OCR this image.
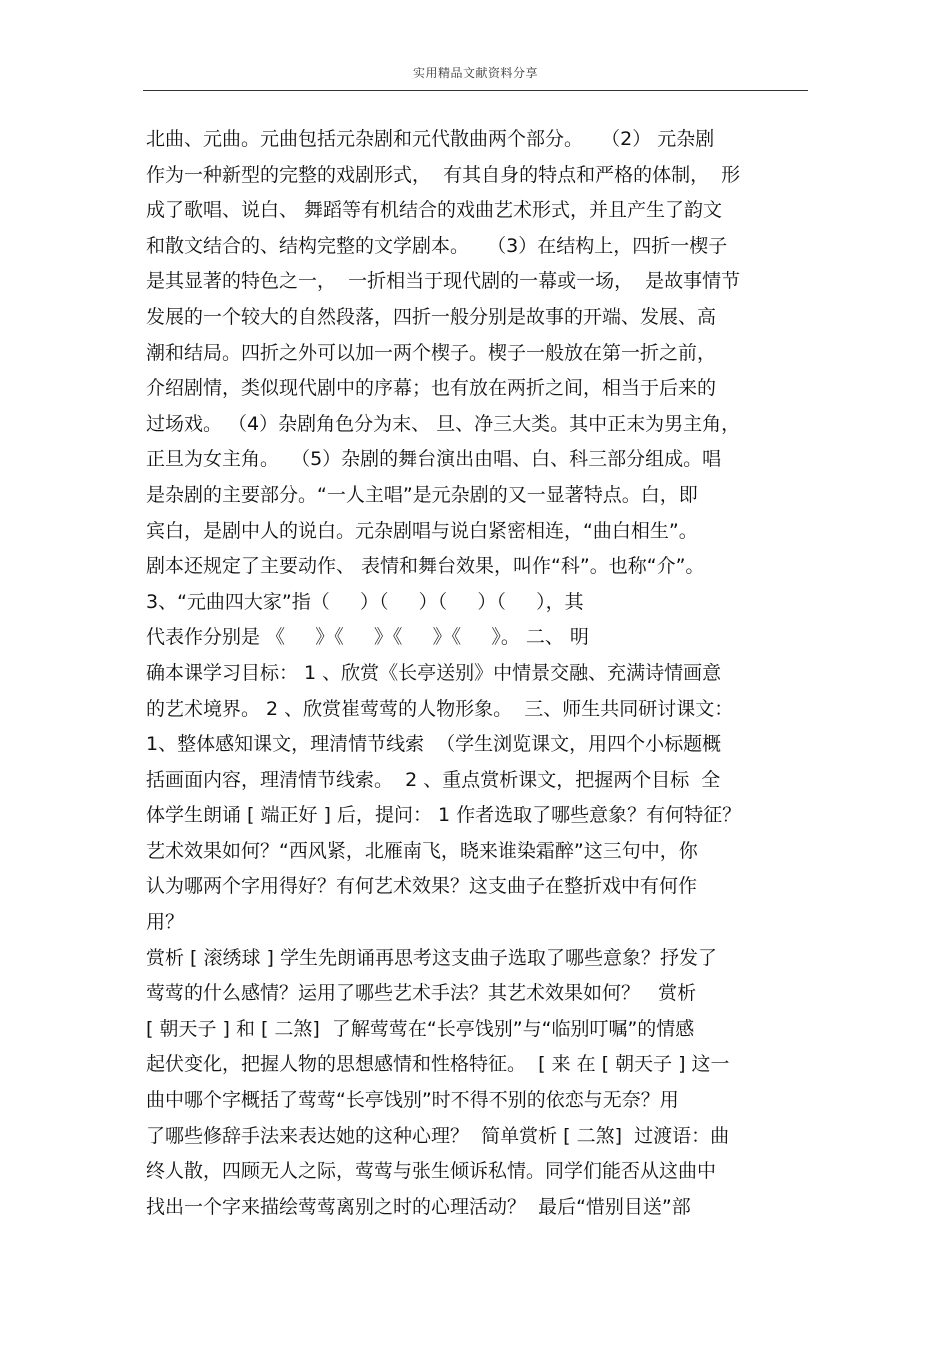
实用精品文献资料分享
北曲、元曲。元曲包括元杂剧和元代散曲两个部分。   （2） 元杂剧
作为一种新型的完整的戏剧形式，  有其自身的特点和严格的体制，  形
成了歌唱、说白、 舞蹈等有机结合的戏曲艺术形式，并且产生了韵文
和散文结合的、结构完整的文学剧本。   （3）在结构上，四折一楔子
是其显著的特色之一，  一折相当于现代剧的一幕或一场，  是故事情节
发展的一个较大的自然段落，四折一般分别是故事的开端、发展、高
潮和结局。四折之外可以加一两个楔子。楔子一般放在第一折之前，
介绍剧情，类似现代剧中的序幕；也有放在两折之间，相当于后来的
过场戏。 （4）杂剧角色分为末、 旦、净三大类。其中正末为男主角，
正旦为女主角。  （5）杂剧的舞台演出由唱、白、科三部分组成。唱
是杂剧的主要部分。“一人主唱”是元杂剧的又一显著特点。白，即
宾白，是剧中人的说白。元杂剧唱与说白紧密相连，“曲白相生”。
剧本还规定了主要动作、 表情和舞台效果，叫作“科”。也称“介”。
3、“元曲四大家”指（     ）（     ）（     ）（     ），其
代表作分别是 《     》《     》《     》《     》。 二、 明
确本课学习目标： 1 、欣赏《长亭送别》中情景交融、充满诗情画意
的艺术境界。 2 、欣赏崔莺莺的人物形象。  三、师生共同研讨课文：
1、整体感知课文，理清情节线索  （学生浏览课文，用四个小标题概
括画面内容，理清情节线索。  2 、重点赏析课文，把握两个目标  全
体学生朗诵 [ 端正好 ] 后，提问： 1 作者选取了哪些意象？有何特征？
艺术效果如何？“西风紧，北雁南飞，晓来谁染霜醉”这三句中，你
认为哪两个字用得好？有何艺术效果？这支曲子在整折戏中有何作
用？
赏析 [ 滚绣球 ] 学生先朗诵再思考这支曲子选取了哪些意象？抒发了
莺莺的什么感情？运用了哪些艺术手法？其艺术效果如何？   赏析
[ 朝天子 ] 和 [ 二煞]  了解莺莺在“长亭饯别”与“临别叮嘱”的情感
起伏变化，把握人物的思想感情和性格特征。  [ 来 在 [ 朝天子 ] 这一
曲中哪个字概括了莺莺“长亭饯别”时不得不别的依恋与无奈？用
了哪些修辞手法来表达她的这种心理？  简单赏析 [ 二煞]  过渡语：曲
终人散，四顾无人之际，莺莺与张生倾诉私情。同学们能否从这曲中
找出一个字来描绘莺莺离别之时的心理活动？  最后“惜别目送”部
